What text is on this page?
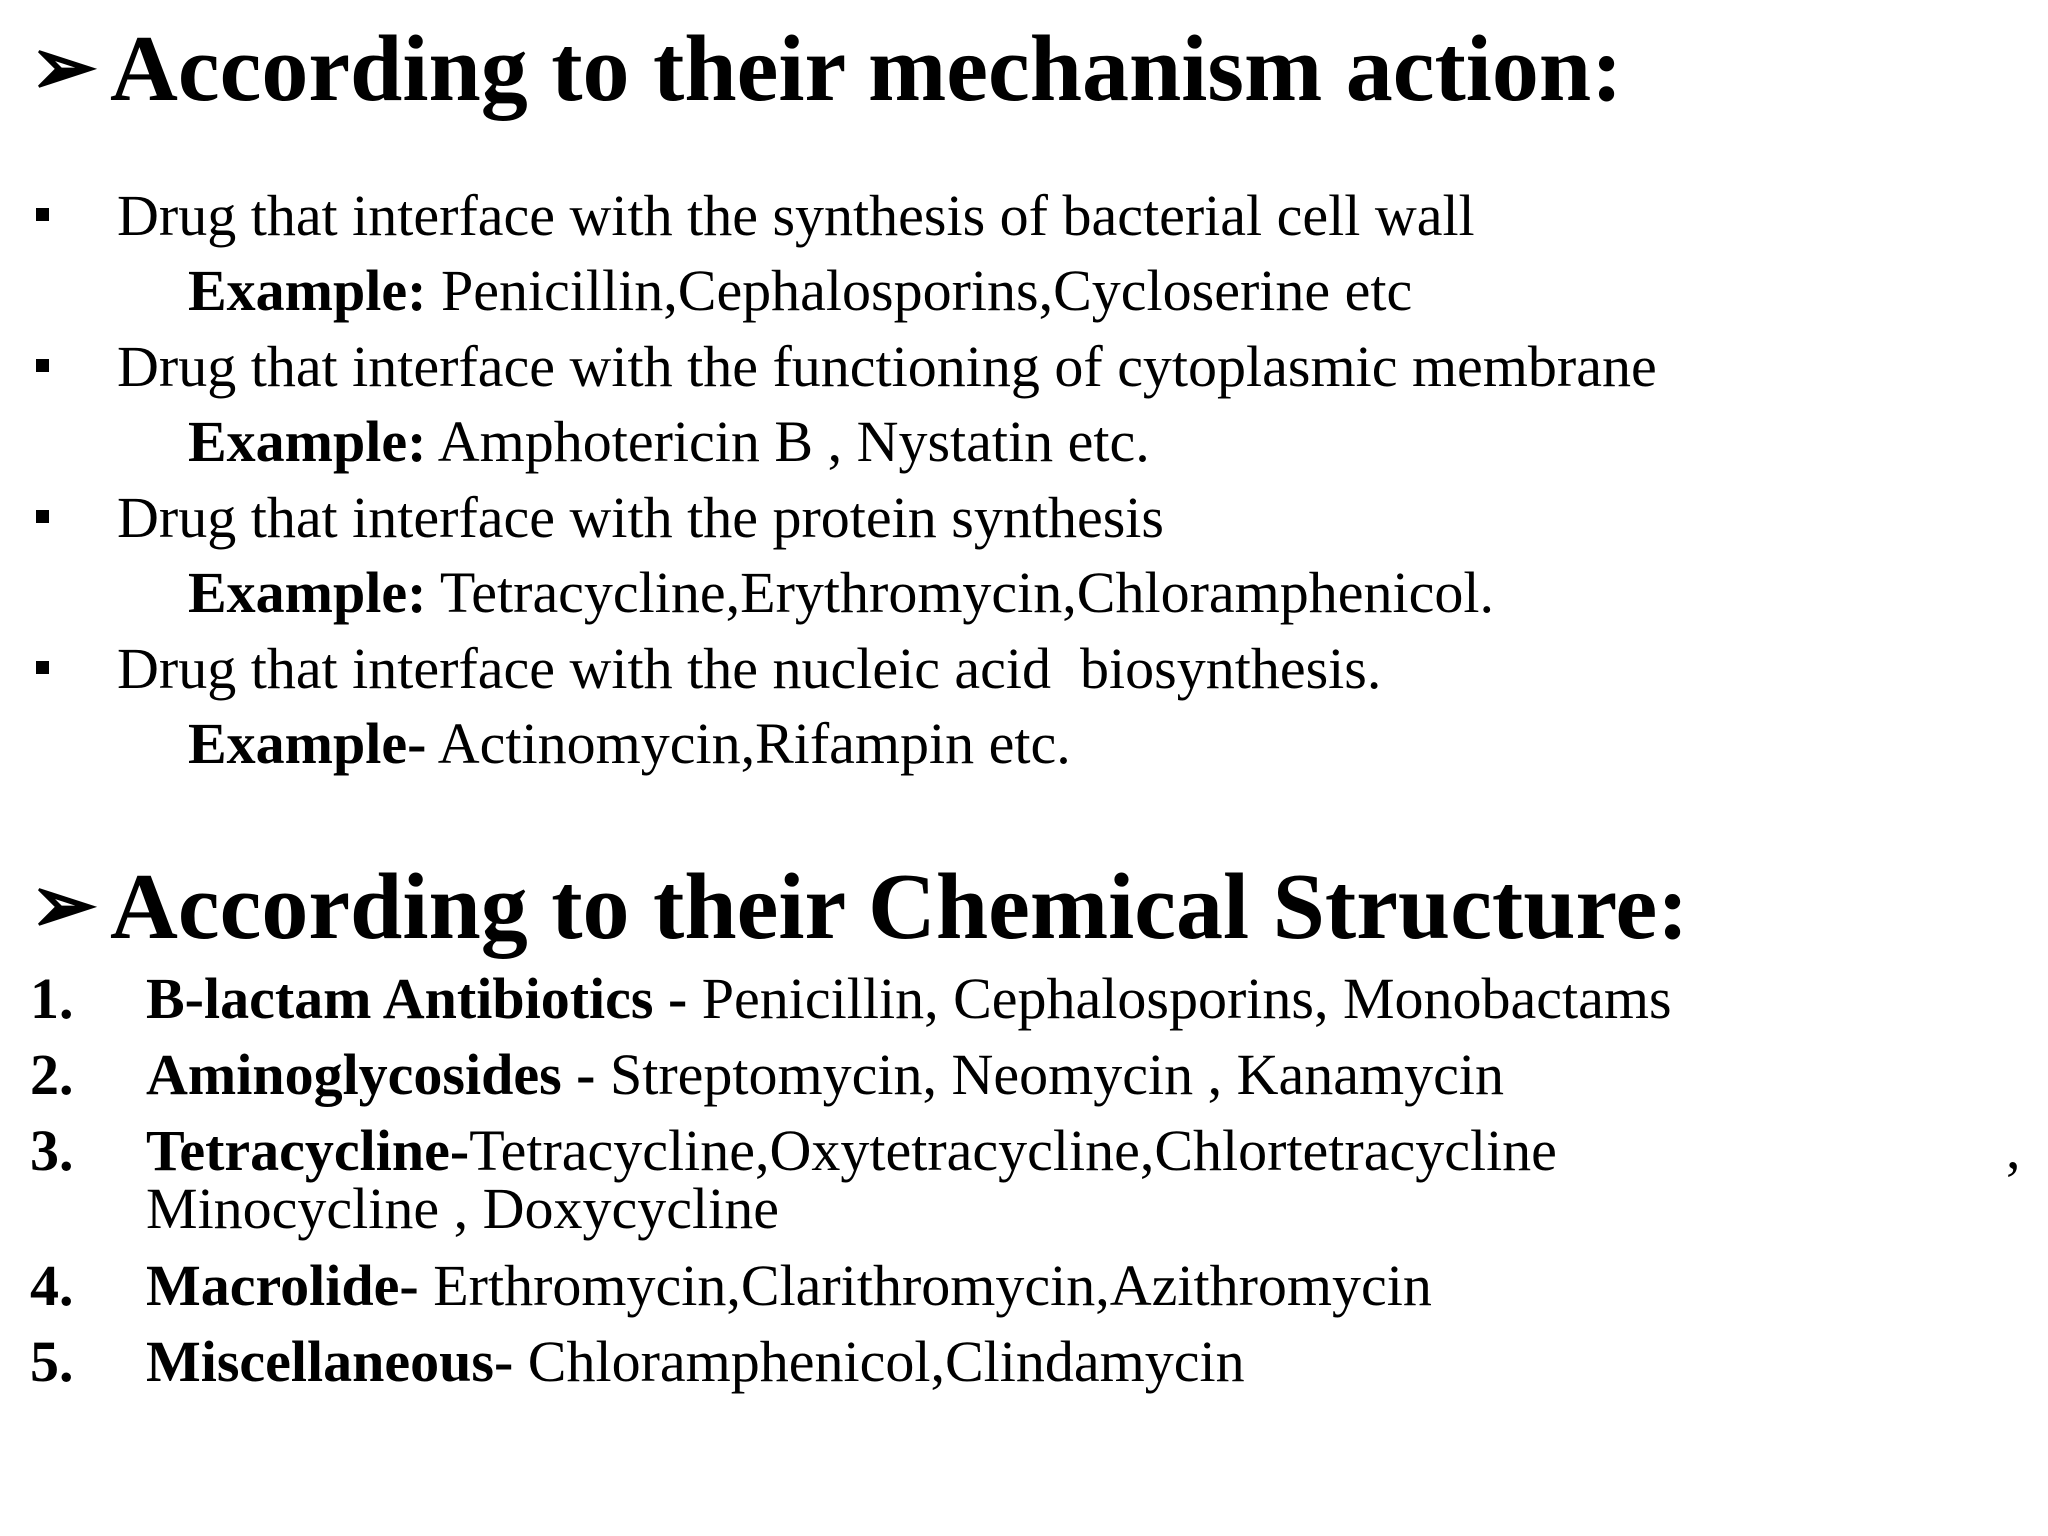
➢ According to their mechanism action:
Drug that interface with the synthesis of bacterial cell wall
Example: Penicillin,Cephalosporins,Cycloserine etc
Drug that interface with the functioning of cytoplasmic membrane
Example: Amphotericin B , Nystatin etc.
Drug that interface with the protein synthesis
Example: Tetracycline,Erythromycin,Chloramphenicol.
Drug that interface with the nucleic acid  biosynthesis.
Example- Actinomycin,Rifampin etc.
➢ According to their Chemical Structure:
1. B-lactam Antibiotics - Penicillin, Cephalosporins, Monobactams
2. Aminoglycosides - Streptomycin, Neomycin , Kanamycin
3. Tetracycline-Tetracycline,Oxytetracycline,Chlortetracycline
Minocycline , Doxycycline
,
4. Macrolide- Erthromycin,Clarithromycin,Azithromycin
5. Miscellaneous- Chloramphenicol,Clindamycin
